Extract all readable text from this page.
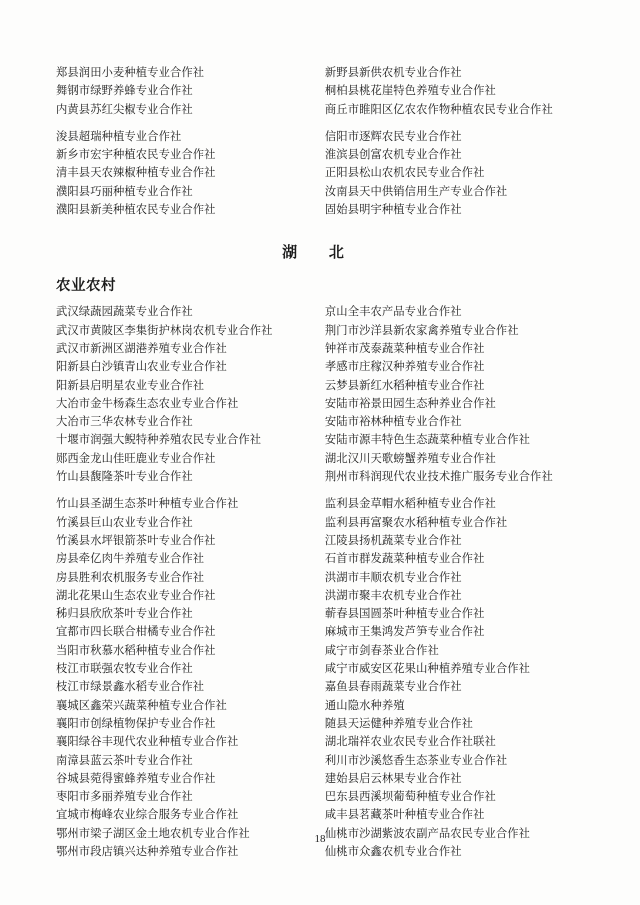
郑县润田小麦种植专业合作社	新野县新供农机专业合作社
舞钢市绿野养蜂专业合作社	桐柏县桃花崖特色养殖专业合作社
内黄县苏红尖椒专业合作社	商丘市睢阳区亿农农作物种植农民专业合作社

浚县超瑞种植专业合作社	信阳市逐辉农民专业合作社
新乡市宏宇种植农民专业合作社	淮滨县创富农机专业合作社
清丰县天农辣椒种植专业合作社	正阳县松山农机农民专业合作社
濮阳县巧丽种植专业合作社	汝南县天中供销信用生产专业合作社
濮阳县新美种植农民专业合作社	固始县明宇种植专业合作社

湖 北
农业农村
武汉绿蔬园蔬菜专业合作社	京山全丰农产品专业合作社
武汉市黄陂区李集街护林岗农机专业合作社	荆门市沙洋县新农家禽养殖专业合作社
武汉市新洲区湖港养殖专业合作社	钟祥市茂泰蔬菜种植专业合作社
阳新县白沙镇青山农业专业合作社	孝感市庄稼汉种养殖专业合作社
阳新县启明星农业专业合作社	云梦县新红水稻种植专业合作社
大冶市金牛杨森生态农业专业合作社	安陆市裕景田园生态种养业合作社
大冶市三华农林专业合作社	安陆市裕林种植专业合作社
十堰市润强大鲵特种养殖农民专业合作社	安陆市源丰特色生态蔬菜种植专业合作社
郧西金龙山佳旺鹿业专业合作社	湖北汉川天歌螃蟹养殖专业合作社
竹山县馥隆茶叶专业合作社	荆州市科润现代农业技术推广服务专业合作社

竹山县圣湖生态茶叶种植专业合作社	监利县金草帽水稻种植专业合作社
竹溪县巨山农业专业合作社	监利县再富聚农水稻种植专业合作社
竹溪县水坪银箭茶叶专业合作社	江陵县扬机蔬菜专业合作社
房县牵亿肉牛养殖专业合作社	石首市群发蔬菜种植专业合作社
房县胜利农机服务专业合作社	洪湖市丰顺农机专业合作社
湖北花果山生态农业专业合作社	洪湖市聚丰农机专业合作社
秭归县欣欣茶叶专业合作社	蕲春县国圆茶叶种植专业合作社
宜都市四长联合柑橘专业合作社	麻城市王集鸿发芦笋专业合作社
当阳市秋慕水稻种植专业合作社	咸宁市剑春茶业合作社
枝江市联强农牧专业合作社	咸宁市威安区花果山种植养殖专业合作社
枝江市绿景鑫水稻专业合作社	嘉鱼县春雨蔬菜专业合作社
襄城区鑫荣兴蔬菜种植专业合作社	通山隐水种养殖
襄阳市创绿植物保护专业合作社	随县天运健种养殖专业合作社
襄阳绿谷丰现代农业种植专业合作社	湖北瑞祥农业农民专业合作社联社
南漳县蓝云茶叶专业合作社	利川市沙溪悠香生态茶业专业合作社
谷城县菀得蜜蜂养殖专业合作社	建始县启云林果专业合作社
枣阳市多丽养殖专业合作社	巴东县西溪坝葡萄种植专业合作社
宜城市梅峰农业综合服务专业合作社	咸丰县茗藏茶叶种植专业合作社
鄂州市梁子湖区金土地农机专业合作社	仙桃市沙湖紫波农副产品农民专业合作社
鄂州市段店镇兴达种养殖专业合作社	仙桃市众鑫农机专业合作社

18
